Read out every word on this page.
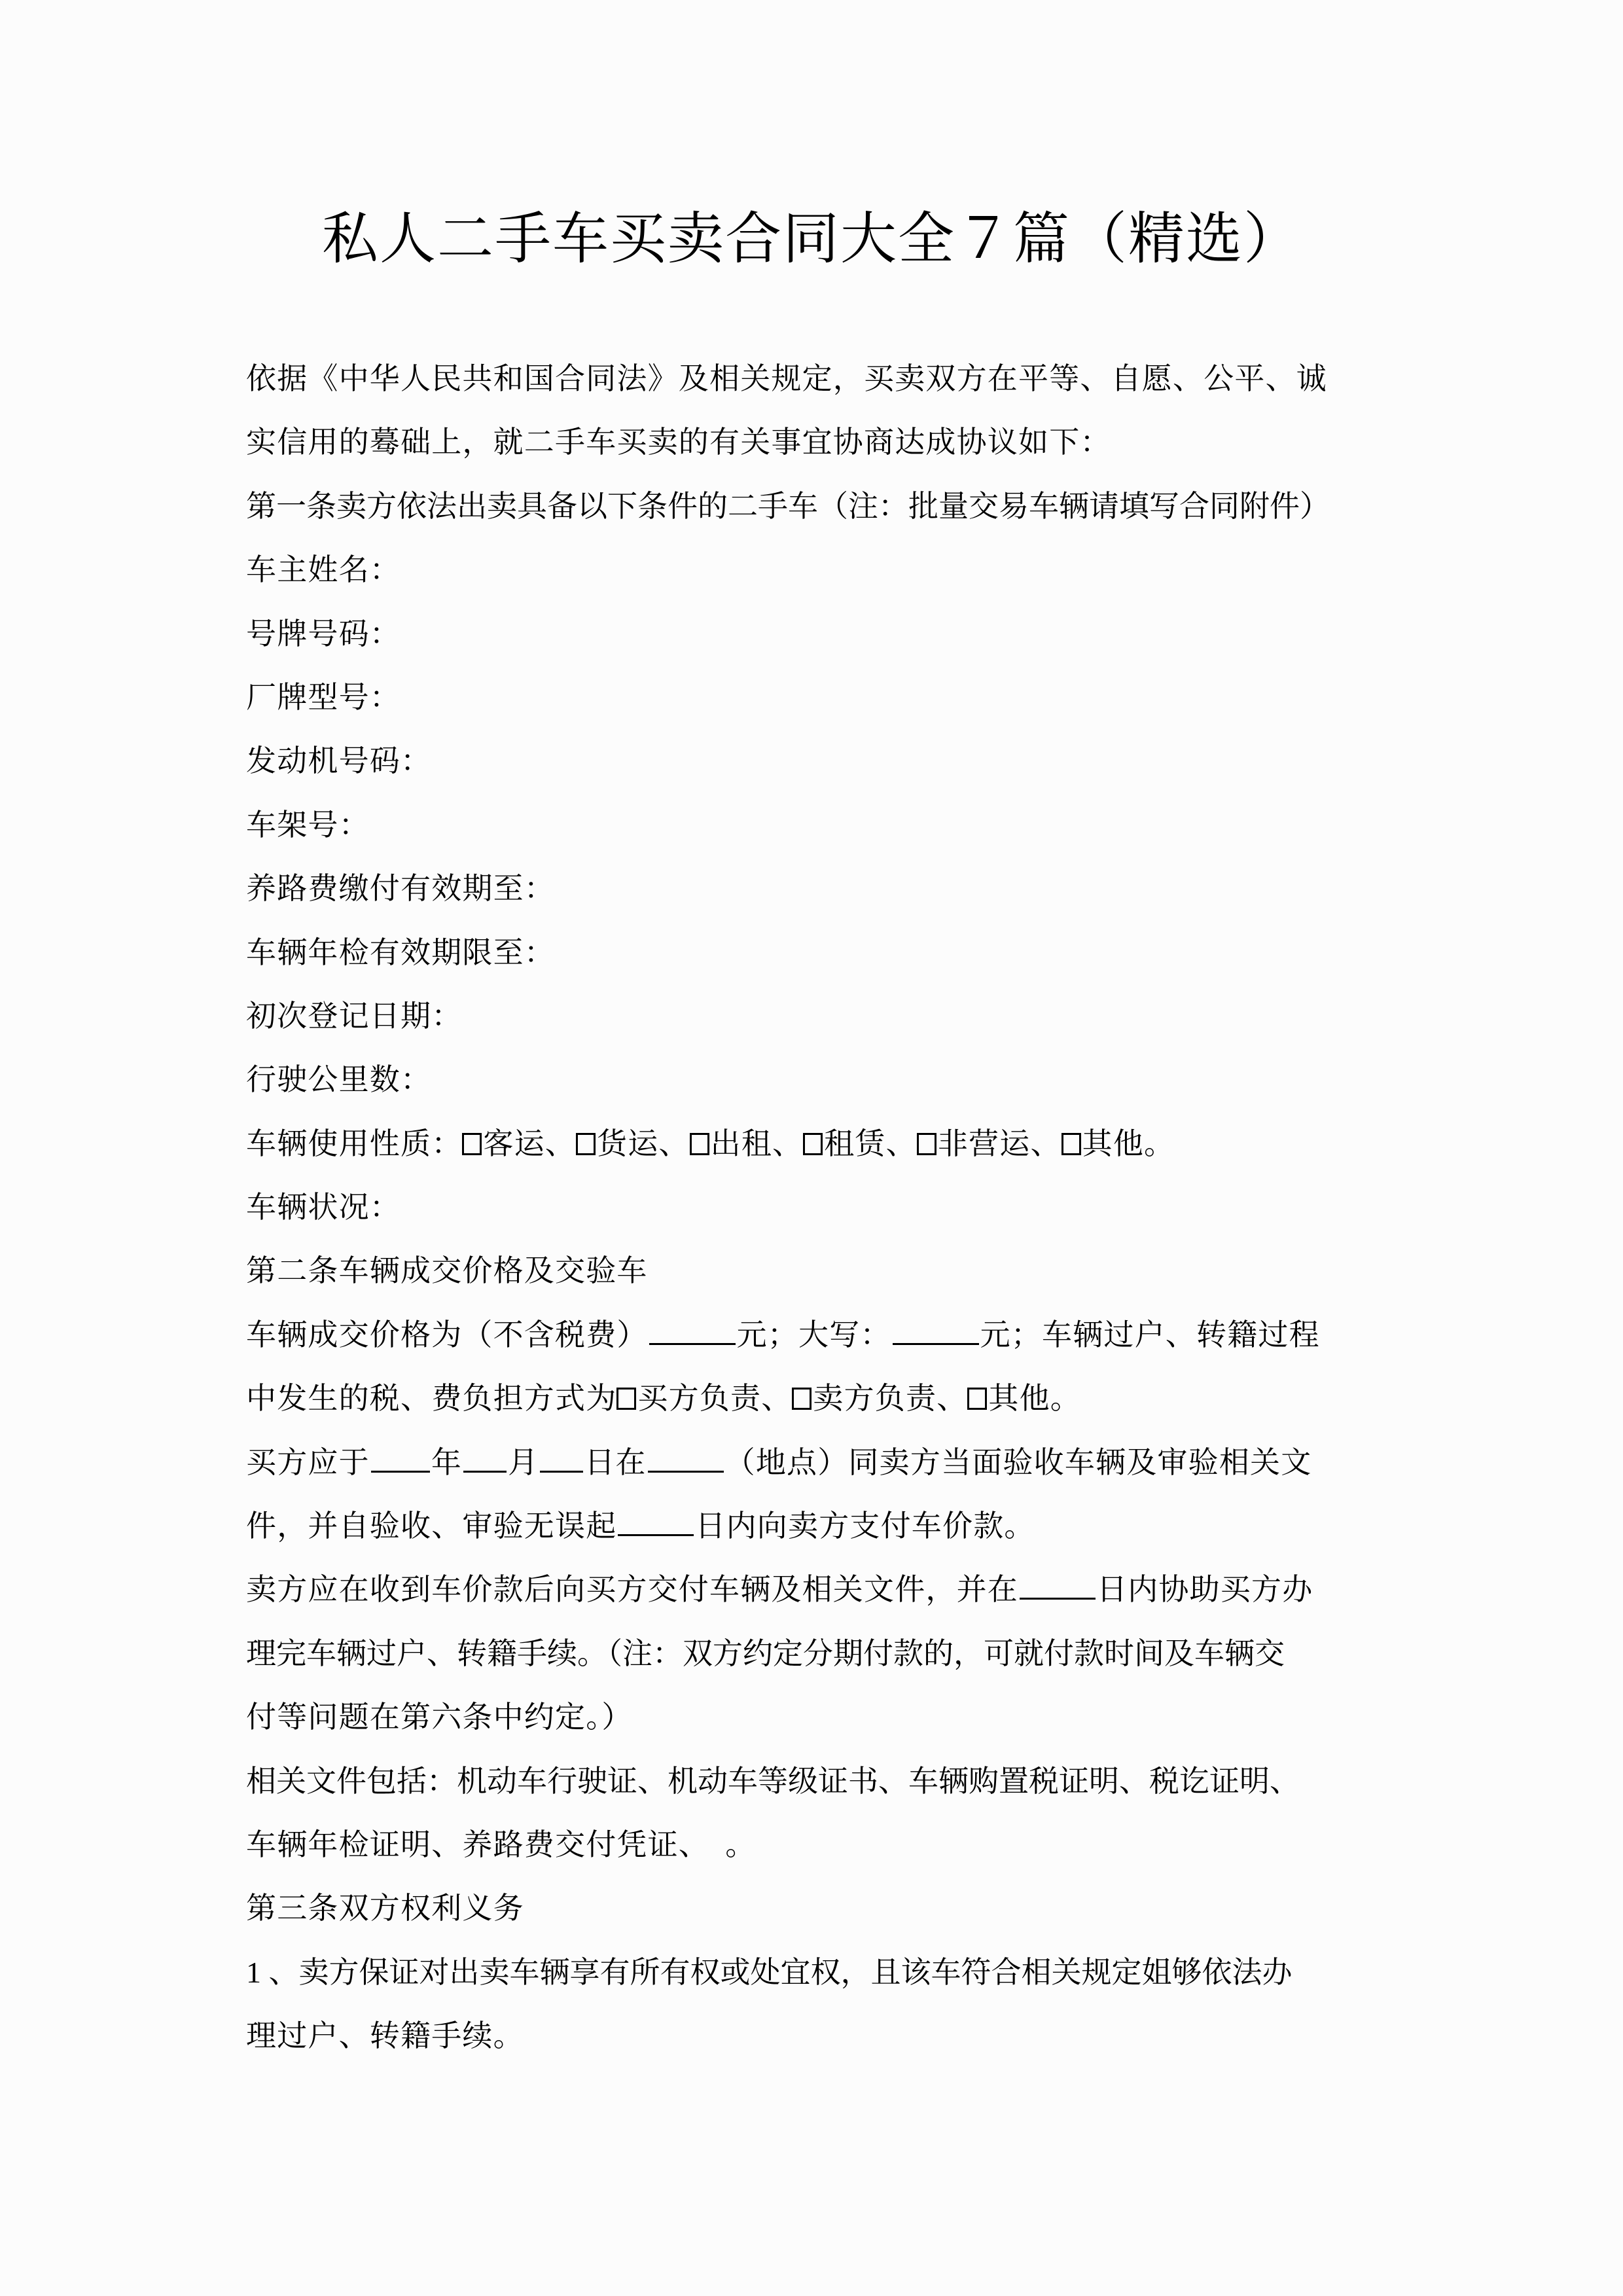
私人二手车买卖合同大全７篇（精选）
依据《中华人民共和国合同法》及相关规定，买卖双方在平等、自愿、公平、诚
实信用的蓦础上，就二手车买卖的有关事宜协商达成协议如下：
第一条卖方依法出卖具备以下条件的二手车（注：批量交易车辆请填写合同附件）
车主姓名：
号牌号码：
厂牌型号：
发动机号码：
车架号：
养路费缴付有效期至：
车辆年检有效期限至：
初次登记日期：
行驶公里数：
车辆使用性质： 客运、 货运、 出租、 租赁、 非营运、 其他。
车辆状况：
第二条车辆成交价格及交验车
车辆成交价格为（不含税费）	元；大写：	元；车辆过户、转籍过程
中发生的税、费负担方式为 买方负责、 卖方负责、 其他。
买方应于 年 月 日在	（地点）同卖方当面验收车辆及审验相关文
件，并自验收、审验无误起	日内向卖方支付车价款。
卖方应在收到车价款后向买方交付车辆及相关文件，并在	日内协助买方办
理完车辆过户、转籍手续。（注：双方约定分期付款的，可就付款时间及车辆交
付等问题在第六条中约定。）
相关文件包括：机动车行驶证、机动车等级证书、车辆购置税证明、税讫证明、
车辆年检证明、养路费交付凭证、　。
第三条双方权利义务
1 、卖方保证对出卖车辆享有所有权或处宜权，且该车符合相关规定姐够依法办
理过户、转籍手续。
